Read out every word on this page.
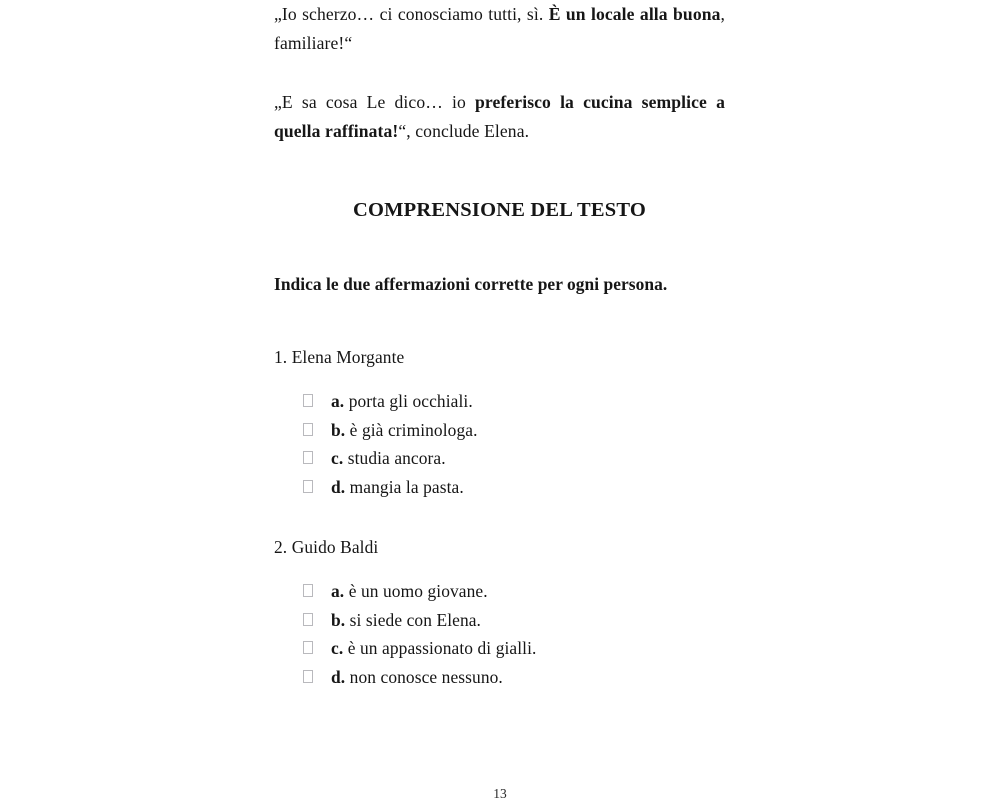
„Io scherzo… ci conosciamo tutti, sì. È un locale alla buona, familiare!“

„E sa cosa Le dico… io preferisco la cucina semplice a quella raffinata!“, conclude Elena.

COMPRENSIONE DEL TESTO
Indica le due affermazioni corrette per ogni persona.

1. Elena Morgante

a. porta gli occhiali.
b. è già criminologa.
c. studia ancora.
d. mangia la pasta.

2. Guido Baldi

a. è un uomo giovane.
b. si siede con Elena.
c. è un appassionato di gialli.
d. non conosce nessuno.
13
